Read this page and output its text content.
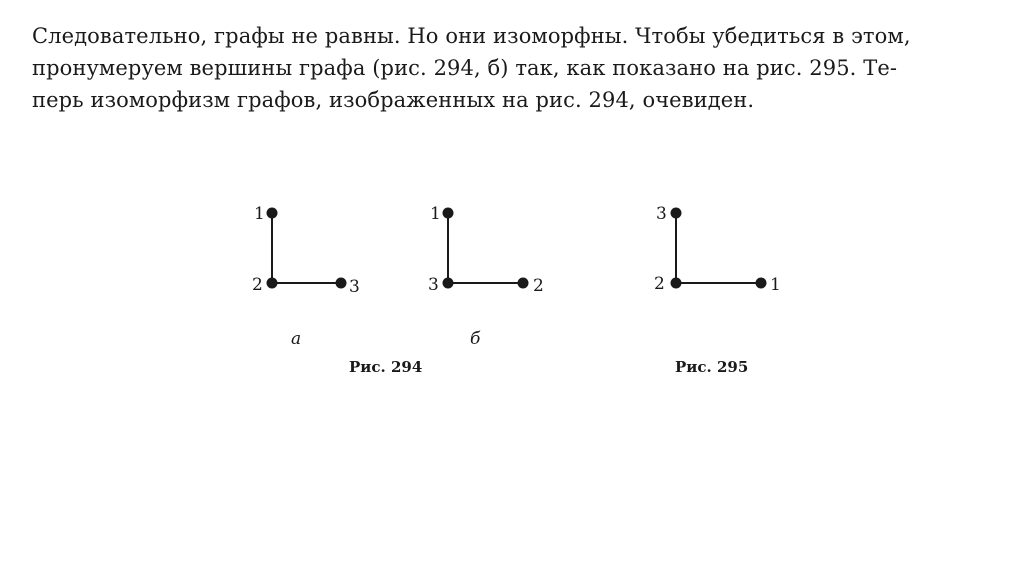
Следовательно, графы не равны. Но они изоморфны. Чтобы убедиться в этом,
пронумеруем вершины графа (рис. 294, б) так, как показано на рис. 295. Те-
перь изоморфизм графов, изображенных на рис. 294, очевиден.
1
2	3
а
1
3	2
б
3
2	1
Рис. 294	Рис. 295
